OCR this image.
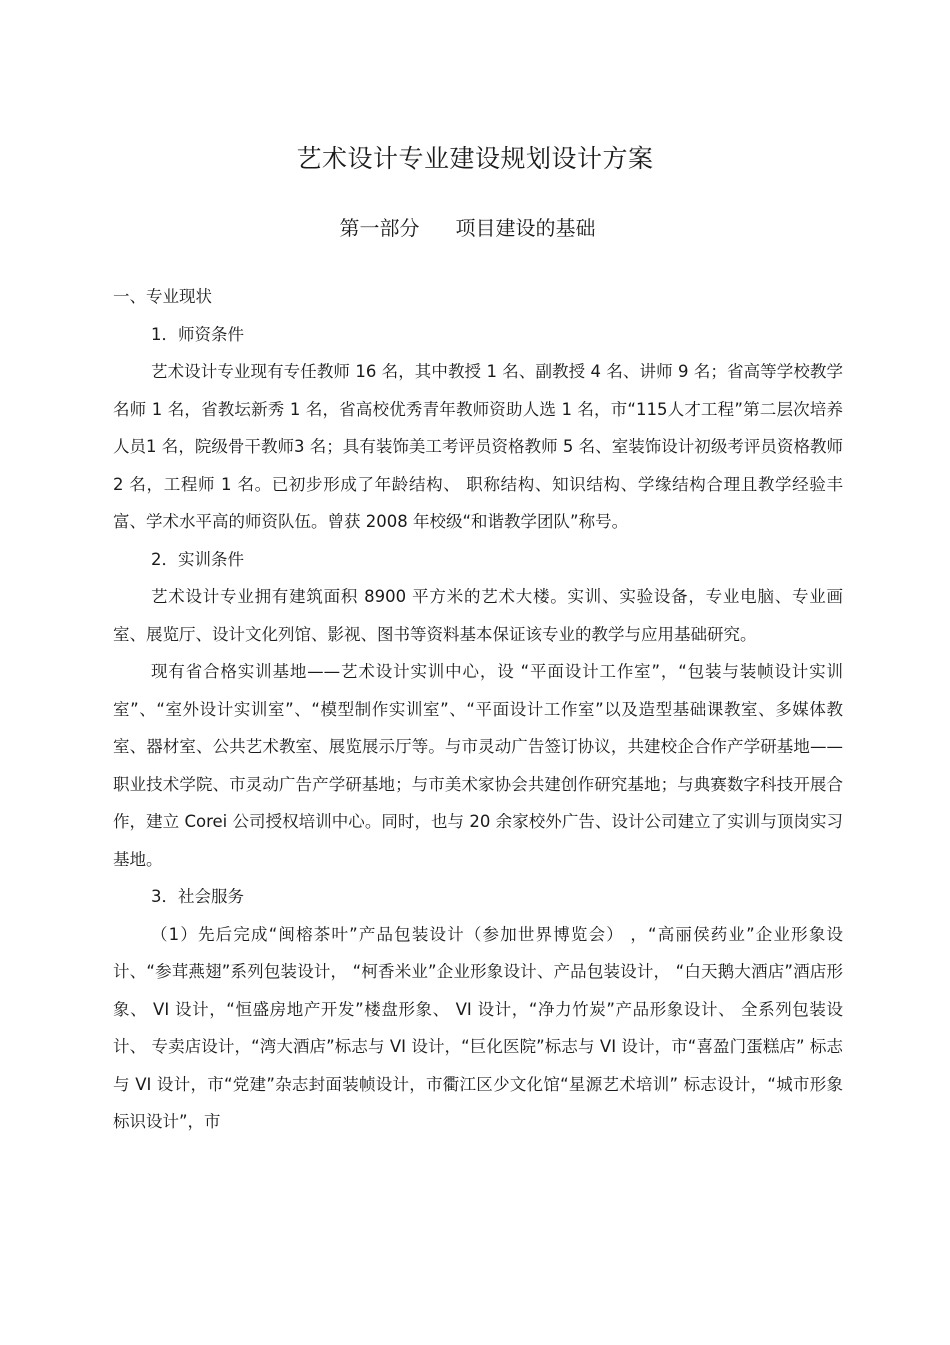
艺术设计专业建设规划设计方案
第一部分 项目建设的基础

一、专业现状

1．师资条件

艺术设计专业现有专任教师 16 名，其中教授 1 名、副教授 4 名、讲师 9 名；省高等学校教学名师 1 名，省教坛新秀 1 名，省高校优秀青年教师资助人选 1 名，市“115人才工程”第二层次培养人员1 名，院级骨干教师3 名；具有装饰美工考评员资格教师 5 名、室装饰设计初级考评员资格教师 2 名，工程师 1 名。已初步形成了年龄结构、 职称结构、知识结构、学缘结构合理且教学经验丰富、学术水平高的师资队伍。曾获 2008 年校级“和谐教学团队”称号。

2．实训条件

艺术设计专业拥有建筑面积 8900 平方米的艺术大楼。实训、实验设备，专业电脑、专业画室、展览厅、设计文化列馆、影视、图书等资料基本保证该专业的教学与应用基础研究。

现有省合格实训基地——艺术设计实训中心，设 “平面设计工作室”，“包装与装帧设计实训室”、“室外设计实训室”、“模型制作实训室”、“平面设计工作室”以及造型基础课教室、多媒体教室、器材室、公共艺术教室、展览展示厅等。与市灵动广告签订协议，共建校企合作产学研基地——职业技术学院、市灵动广告产学研基地；与市美术家协会共建创作研究基地；与典赛数字科技开展合作，建立 Corei 公司授权培训中心。同时，也与 20 余家校外广告、设计公司建立了实训与顶岗实习基地。

3．社会服务

（1）先后完成“闽榕茶叶”产品包装设计（参加世界博览会） ，“高丽侯药业”企业形象设计、“参茸燕翅”系列包装设计， “柯香米业”企业形象设计、产品包装设计， “白天鹅大酒店”酒店形象、 VI 设计，“恒盛房地产开发”楼盘形象、 VI 设计，“净力竹炭”产品形象设计、 全系列包装设计、 专卖店设计，“湾大酒店”标志与 VI 设计，“巨化医院”标志与 VI 设计，市“喜盈门蛋糕店” 标志与 VI 设计，市“党建”杂志封面装帧设计，市衢江区少文化馆“星源艺术培训” 标志设计，“城市形象标识设计”，市
